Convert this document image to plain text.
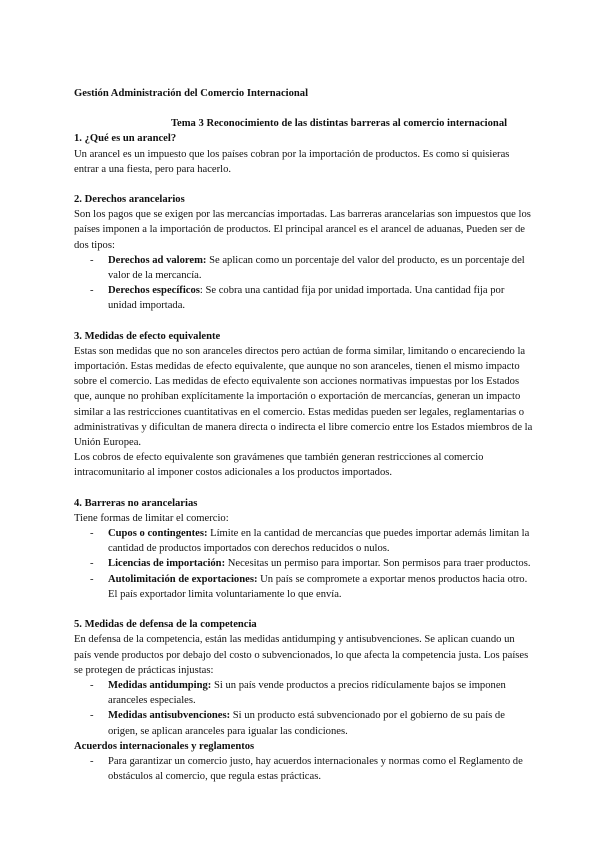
Gestión Administración del Comercio Internacional

Tema 3 Reconocimiento de las distintas barreras al comercio internacional

1. ¿Qué es un arancel?

Un arancel es un impuesto que los países cobran por la importación de productos. Es como si quisieras entrar a una fiesta, pero para hacerlo.

2. Derechos arancelarios

Son los pagos que se exigen por las mercancías importadas. Las barreras arancelarias son impuestos que los países imponen a la importación de productos. El principal arancel es el arancel de aduanas, Pueden ser de dos tipos:

- Derechos ad valorem: Se aplican como un porcentaje del valor del producto, es un porcentaje del valor de la mercancía.
- Derechos específicos: Se cobra una cantidad fija por unidad importada. Una cantidad fija por unidad importada.
3. Medidas de efecto equivalente

Estas son medidas que no son aranceles directos pero actúan de forma similar, limitando o encareciendo la importación. Estas medidas de efecto equivalente, que aunque no son aranceles, tienen el mismo impacto sobre el comercio. Las medidas de efecto equivalente son acciones normativas impuestas por los Estados que, aunque no prohíban explícitamente la importación o exportación de mercancías, generan un impacto similar a las restricciones cuantitativas en el comercio. Estas medidas pueden ser legales, reglamentarias o administrativas y dificultan de manera directa o indirecta el libre comercio entre los Estados miembros de la Unión Europea.

Los cobros de efecto equivalente son gravámenes que también generan restricciones al comercio intracomunitario al imponer costos adicionales a los productos importados.

4. Barreras no arancelarias

Tiene formas de limitar el comercio:

- Cupos o contingentes: Límite en la cantidad de mercancías que puedes importar además limitan la cantidad de productos importados con derechos reducidos o nulos.
- Licencias de importación: Necesitas un permiso para importar. Son permisos para traer productos.
- Autolimitación de exportaciones: Un país se compromete a exportar menos productos hacia otro. El país exportador limita voluntariamente lo que envía.
5. Medidas de defensa de la competencia

En defensa de la competencia, están las medidas antidumping y antisubvenciones. Se aplican cuando un país vende productos por debajo del costo o subvencionados, lo que afecta la competencia justa. Los países se protegen de prácticas injustas:

- Medidas antidumping: Si un país vende productos a precios ridículamente bajos se imponen aranceles especiales.
- Medidas antisubvenciones: Si un producto está subvencionado por el gobierno de su país de origen, se aplican aranceles para igualar las condiciones.
Acuerdos internacionales y reglamentos
- Para garantizar un comercio justo, hay acuerdos internacionales y normas como el Reglamento de obstáculos al comercio, que regula estas prácticas.
